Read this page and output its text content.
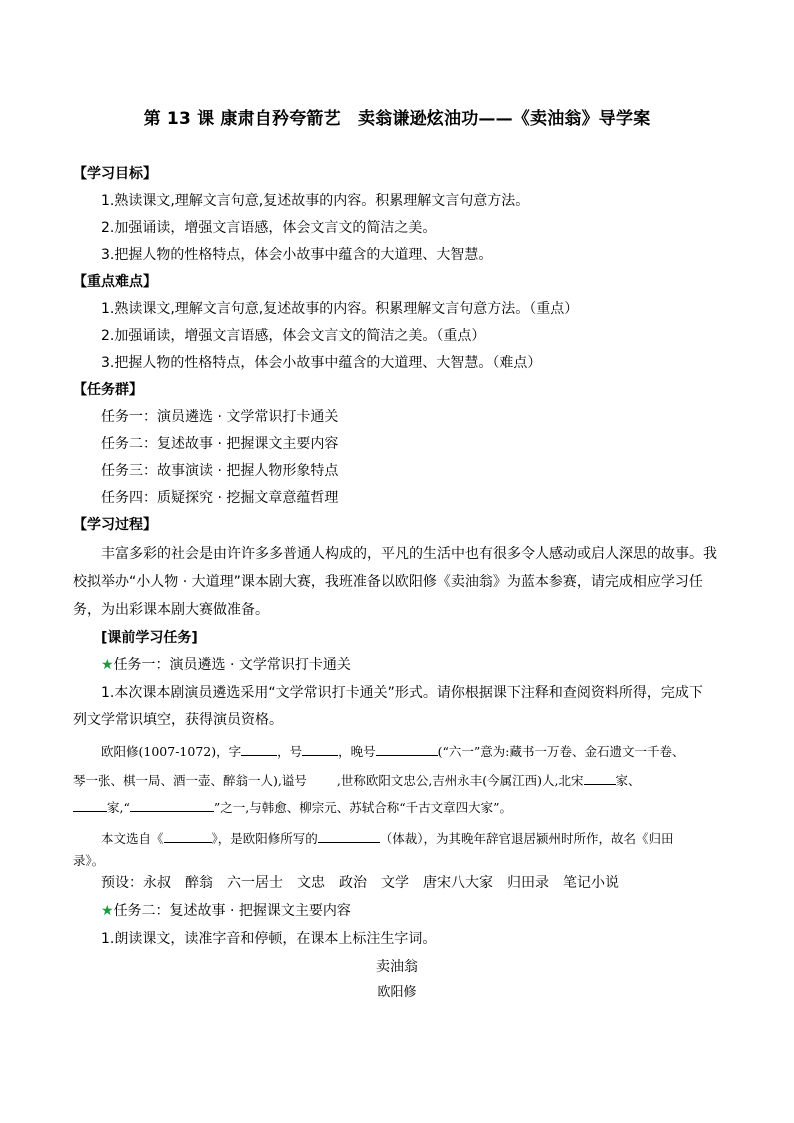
第 13 课 康肃自矜夸箭艺　卖翁谦逊炫油功——《卖油翁》导学案
【学习目标】
1.熟读课文,理解文言句意,复述故事的内容。积累理解文言句意方法。
2.加强诵读，增强文言语感，体会文言文的简洁之美。
3.把握人物的性格特点，体会小故事中蕴含的大道理、大智慧。
【重点难点】
1.熟读课文,理解文言句意,复述故事的内容。积累理解文言句意方法。（重点）
2.加强诵读，增强文言语感，体会文言文的简洁之美。（重点）
3.把握人物的性格特点，体会小故事中蕴含的大道理、大智慧。（难点）
【任务群】
任务一：演员遴选 · 文学常识打卡通关
任务二：复述故事 · 把握课文主要内容
任务三：故事演读 · 把握人物形象特点
任务四：质疑探究 · 挖掘文章意蕴哲理
【学习过程】
丰富多彩的社会是由许许多多普通人构成的，平凡的生活中也有很多令人感动或启人深思的故事。我
校拟举办“小人物 · 大道理”课本剧大赛，我班准备以欧阳修《卖油翁》为蓝本参赛，请完成相应学习任
务，为出彩课本剧大赛做准备。
[课前学习任务]
★任务一：演员遴选 · 文学常识打卡通关
1.本次课本剧演员遴选采用“文学常识打卡通关”形式。请你根据课下注释和查阅资料所得，完成下
列文学常识填空，获得演员资格。
欧阳修(1007-1072)，字	，号	，晚号	(“六一”意为:藏书一万卷、金石遗文一千卷、
琴一张、棋一局、酒一壶、醉翁一人),谥号 ,世称欧阳文忠公,吉州永丰(今属江西)人,北宋	家、
家,“	”之一,与韩愈、柳宗元、苏轼合称“千古文章四大家”。
本文选自《	》，是欧阳修所写的	（体裁），为其晚年辞官退居颍州时所作，故名《归田
录》。
预设：永叔　醉翁　六一居士　文忠　政治　文学　唐宋八大家　归田录　笔记小说
★任务二：复述故事 · 把握课文主要内容
1.朗读课文，读准字音和停顿，在课本上标注生字词。
卖油翁
欧阳修
